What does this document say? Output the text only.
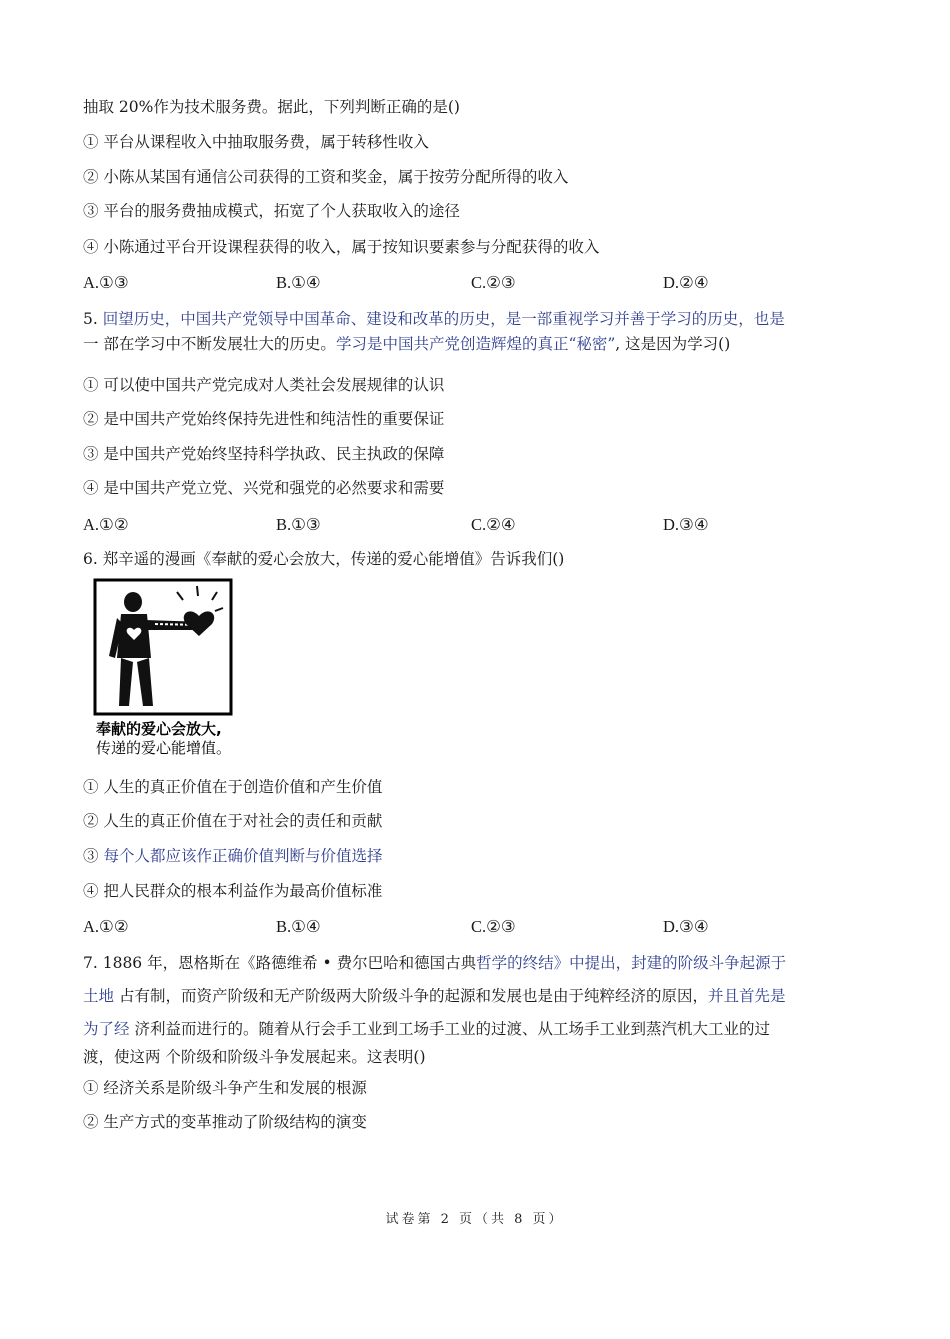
抽取 20%作为技术服务费。据此，下列判断正确的是()
① 平台从课程收入中抽取服务费，属于转移性收入
② 小陈从某国有通信公司获得的工资和奖金，属于按劳分配所得的收入
③ 平台的服务费抽成模式，拓宽了个人获取收入的途径
④ 小陈通过平台开设课程获得的收入，属于按知识要素参与分配获得的收入
A.①③	B.①④	C.②③	D.②④
5. 回望历史，中国共产党领导中国革命、建设和改革的历史，是一部重视学习并善于学习的历史，也是
一 部在学习中不断发展壮大的历史。学习是中国共产党创造辉煌的真正“秘密”, 这是因为学习()
① 可以使中国共产党完成对人类社会发展规律的认识
② 是中国共产党始终保持先进性和纯洁性的重要保证
③ 是中国共产党始终坚持科学执政、民主执政的保障
④ 是中国共产党立党、兴党和强党的必然要求和需要
A.①②	B.①③	C.②④	D.③④
6. 郑辛遥的漫画《奉献的爱心会放大，传递的爱心能增值》告诉我们()
奉献的爱心会放大,
传递的爱心能增值。
① 人生的真正价值在于创造价值和产生价值
② 人生的真正价值在于对社会的责任和贡献
③ 每个人都应该作正确价值判断与价值选择
④ 把人民群众的根本利益作为最高价值标准
A.①②	B.①④	C.②③	D.③④
7. 1886 年，恩格斯在《路德维希 • 费尔巴哈和德国古典哲学的终结》中提出，封建的阶级斗争起源于
土地 占有制，而资产阶级和无产阶级两大阶级斗争的起源和发展也是由于纯粹经济的原因，并且首先是
为了经 济利益而进行的。随着从行会手工业到工场手工业的过渡、从工场手工业到蒸汽机大工业的过
渡，使这两 个阶级和阶级斗争发展起来。这表明()
① 经济关系是阶级斗争产生和发展的根源
② 生产方式的变革推动了阶级结构的演变
试卷第 2 页（共 8 页）
